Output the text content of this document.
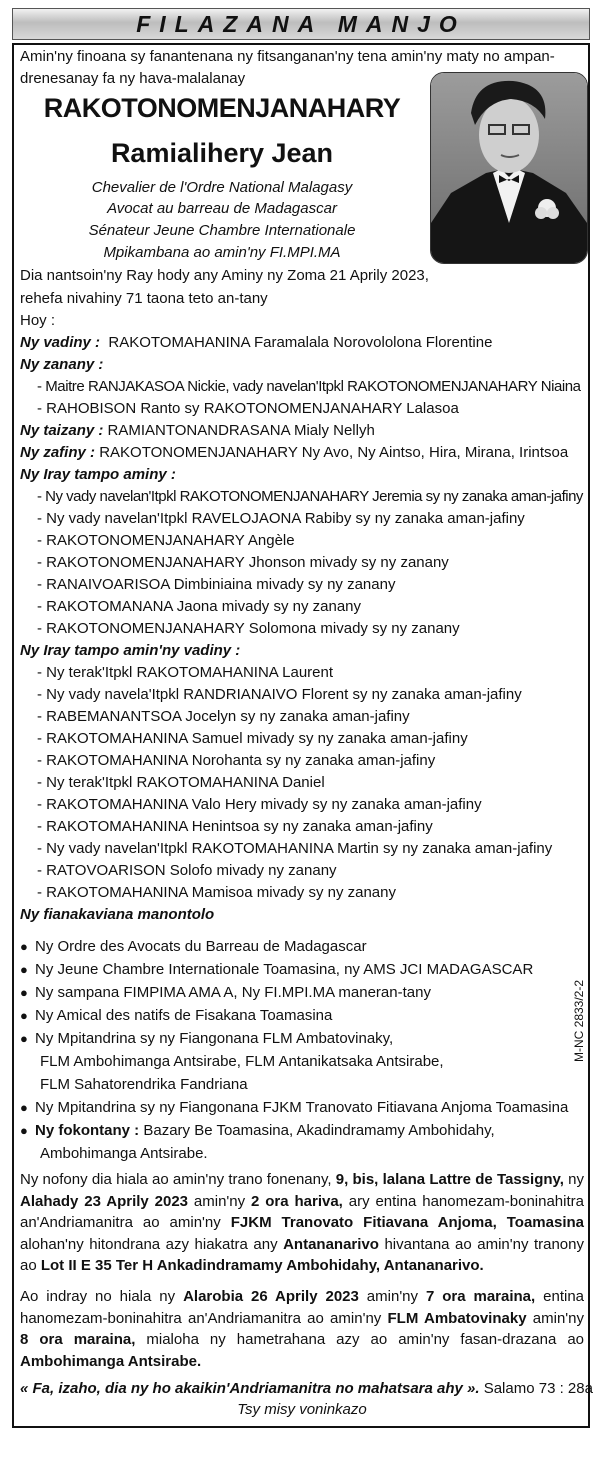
FILAZANA MANJO
Amin'ny finoana sy fanantenana ny fitsanganan'ny tena amin'ny maty no ampan-
drenesanay fa ny hava-malalanay
RAKOTONOMENJANAHARY
Ramialihery Jean
Chevalier de l'Ordre National Malagasy
Avocat au barreau de Madagascar
Sénateur Jeune Chambre Internationale
Mpikambana ao amin'ny FI.MPI.MA
Dia nantsoin'ny Ray hody any Aminy ny Zoma 21 Aprily 2023,
rehefa nivahiny 71 taona teto an-tany
Hoy :
Ny vadiny : RAKOTOMAHANINA Faramalala Norovololona Florentine
Ny zanany :
- Maitre RANJAKASOA Nickie, vady navelan'Itpkl RAKOTONOMENJANAHARY Niaina
- RAHOBISON Ranto sy RAKOTONOMENJANAHARY Lalasoa
Ny taizany : RAMIANTONANDRASANA Mialy Nellyh
Ny zafiny : RAKOTONOMENJANAHARY Ny Avo, Ny Aintso, Hira, Mirana, Irintsoa
Ny Iray tampo aminy :
- Ny vady navelan'Itpkl RAKOTONOMENJANAHARY Jeremia sy ny zanaka aman-jafiny
- Ny vady navelan'Itpkl RAVELOJAONA Rabiby sy ny zanaka aman-jafiny
- RAKOTONOMENJANAHARY Angèle
- RAKOTONOMENJANAHARY Jhonson mivady sy ny zanany
- RANAIVOARISOA Dimbiniaina mivady sy ny zanany
- RAKOTOMANANA Jaona mivady sy ny zanany
- RAKOTONOMENJANAHARY Solomona mivady sy ny zanany
Ny Iray tampo amin'ny vadiny :
- Ny terak'Itpkl RAKOTOMAHANINA Laurent
- Ny vady navela'Itpkl RANDRIANAIVO Florent sy ny zanaka aman-jafiny
- RABEMANANTSOA Jocelyn sy ny zanaka aman-jafiny
- RAKOTOMAHANINA Samuel mivady sy ny zanaka aman-jafiny
- RAKOTOMAHANINA Norohanta sy ny zanaka aman-jafiny
- Ny terak'Itpkl RAKOTOMAHANINA Daniel
- RAKOTOMAHANINA Valo Hery mivady sy ny zanaka aman-jafiny
- RAKOTOMAHANINA Henintsoa sy ny zanaka aman-jafiny
- Ny vady navelan'Itpkl RAKOTOMAHANINA Martin sy ny zanaka aman-jafiny
- RATOVOARISON Solofo mivady ny zanany
- RAKOTOMAHANINA Mamisoa mivady sy ny zanany
Ny fianakaviana manontolo
● Ny Ordre des Avocats du Barreau de Madagascar
● Ny Jeune Chambre Internationale Toamasina, ny AMS JCI MADAGASCAR
● Ny sampana FIMPIMA AMA A, Ny FI.MPI.MA maneran-tany
● Ny Amical des natifs de Fisakana Toamasina
● Ny Mpitandrina sy ny Fiangonana FLM Ambatovinaky,
FLM Ambohimanga Antsirabe, FLM Antanikatsaka Antsirabe,
FLM Sahatorendrika Fandriana
● Ny Mpitandrina sy ny Fiangonana FJKM Tranovato Fitiavana Anjoma Toamasina
● Ny fokontany : Bazary Be Toamasina, Akadindramamy Ambohidahy,
Ambohimanga Antsirabe.
M-NC 2833/2-2
Ny nofony dia hiala ao amin'ny trano fonenany, 9, bis, lalana Lattre de Tassigny, ny Alahady 23 Aprily 2023 amin'ny 2 ora hariva, ary entina hanomezam-boninahitra an'Andriamanitra ao amin'ny FJKM Tranovato Fitiavana Anjoma, Toamasina alohan'ny hitondrana azy hiakatra any Antananarivo hivantana ao amin'ny tranony ao Lot II E 35 Ter H Ankadindramamy Ambohidahy, Antananarivo.
Ao indray no hiala ny Alarobia 26 Aprily 2023 amin'ny 7 ora maraina, entina hanomezam-boninahitra an'Andriamanitra ao amin'ny FLM Ambatovinaky amin'ny 8 ora maraina, mialoha ny hametrahana azy ao amin'ny fasan-drazana ao Ambohimanga Antsirabe.
« Fa, izaho, dia ny ho akaikin'Andriamanitra no mahatsara ahy ». Salamo 73 : 28a
Tsy misy voninkazo
